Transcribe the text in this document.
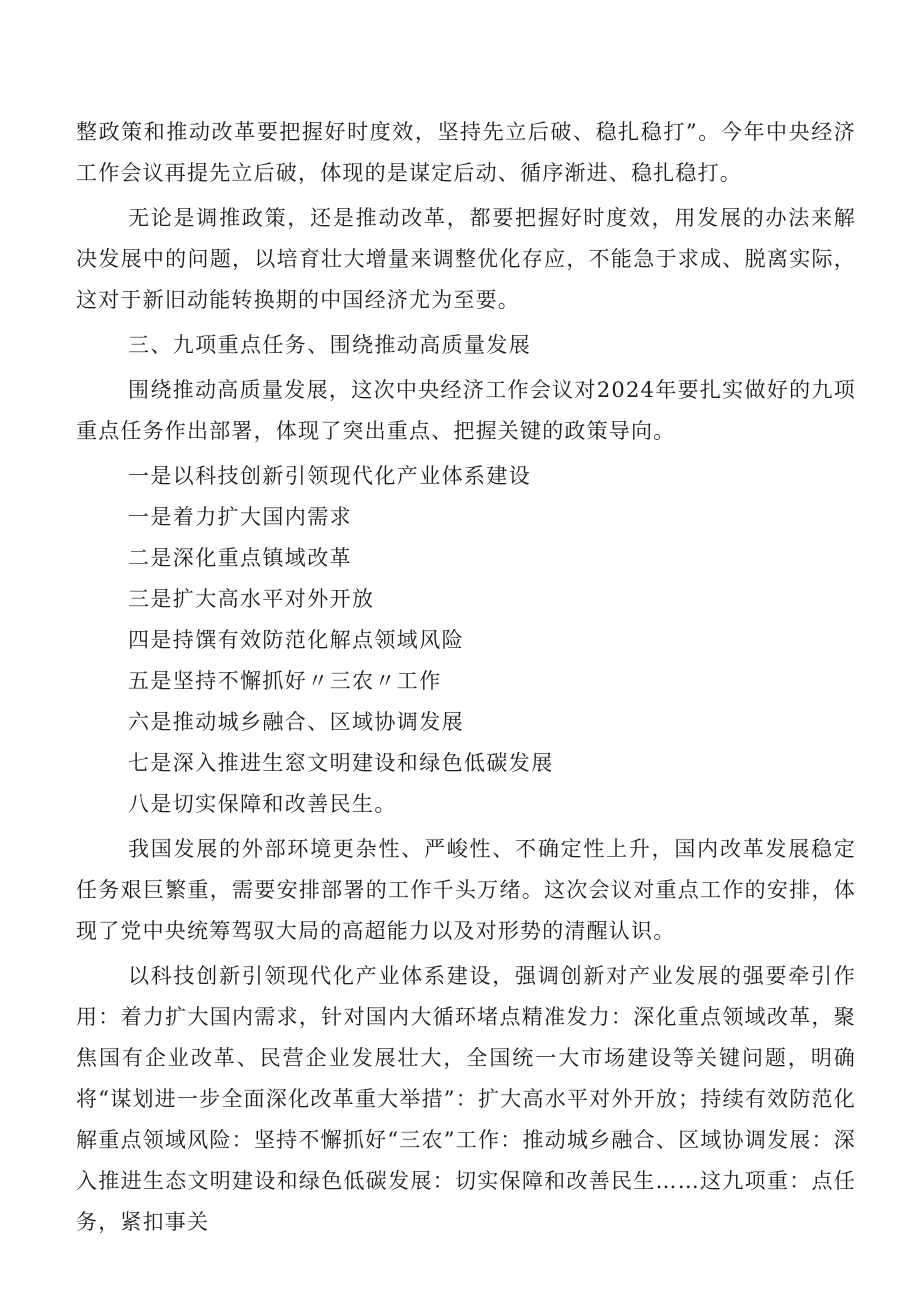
整政策和推动改革要把握好时度效，坚持先立后破、稳扎稳打”。今年中央经济工作会议再提先立后破，体现的是谋定后动、循序渐进、稳扎稳打。

无论是调推政策，还是推动改革，都要把握好时度效，用发展的办法来解决发展中的问题，以培育壮大增量来调整优化存应，不能急于求成、脱离实际，这对于新旧动能转换期的中国经济尤为至要。

三、九项重点任务、围绕推动高质量发展

围绕推动高质量发展，这次中央经济工作会议对2024年要扎实做好的九项重点任务作出部署，体现了突出重点、把握关键的政策导向。

一是以科技创新引领现代化产业体系建设

一是着力扩大国内需求

二是深化重点镇域改革

三是扩大高水平对外开放

四是持馔有效防范化解点领域风险

五是坚持不懈抓好〃三农〃工作

六是推动城乡融合、区域协调发展

七是深入推进生窓文明建设和绿色低碳发展

八是切实保障和改善民生。

我国发展的外部环境更杂性、严峻性、不确定性上升，国内改革发展稳定任务艰巨繁重，需要安排部署的工作千头万绪。这次会议对重点工作的安排，体现了党中央统筹驾驭大局的高超能力以及对形势的清醒认识。

以科技创新引领现代化产业体系建设，强调创新对产业发展的强要牵引作用：着力扩大国内需求，针对国内大循环堵点精准发力：深化重点领域改革，聚焦国有企业改革、民营企业发展壮大，全国统一大市场建设等关键问题，明确将“谋划进一步全面深化改革重大举措”：扩大高水平对外开放；持续有效防范化解重点领域风险：坚持不懈抓好“三农”工作：推动城乡融合、区域协调发展：深入推进生态文明建设和绿色低碳发展：切实保障和改善民生……这九项重：点任务，紧扣事关
